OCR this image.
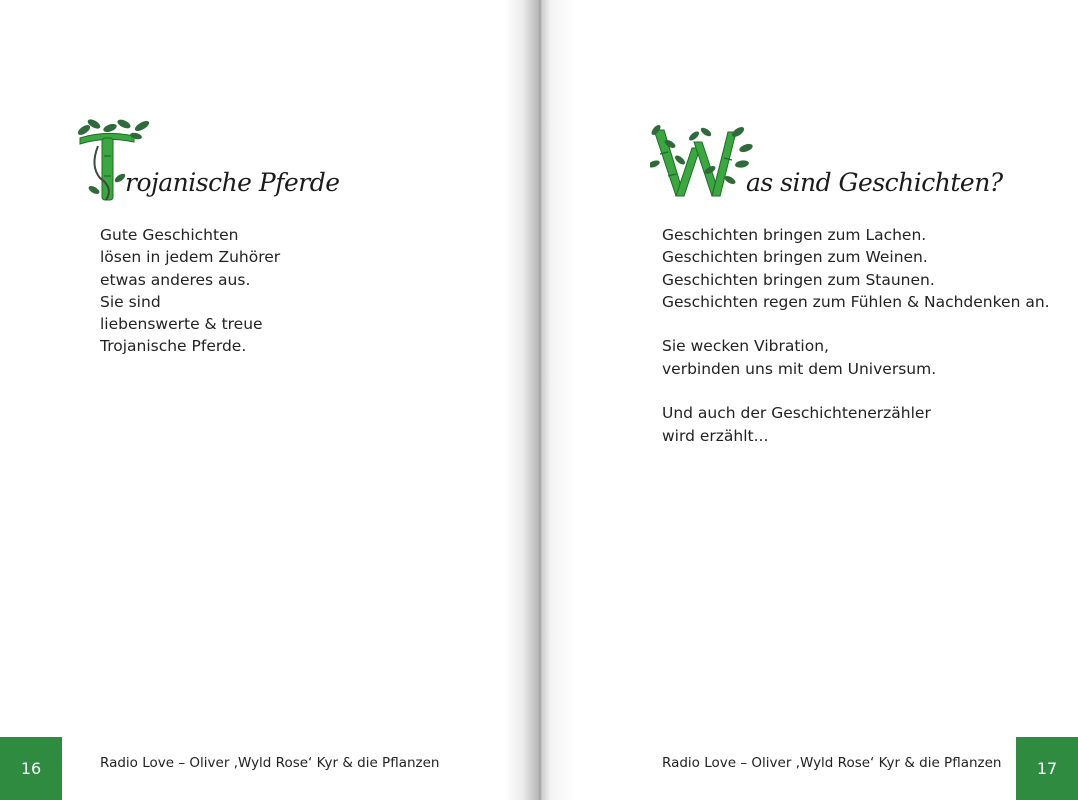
rojanische Pferde
Gute Geschichten
lösen in jedem Zuhörer
etwas anderes aus.
Sie sind
liebenswerte & treue
Trojanische Pferde.
16	Radio Love – Oliver ‚Wyld Rose‘ Kyr & die Pflanzen
as sind Geschichten?
Geschichten bringen zum Lachen.
Geschichten bringen zum Weinen.
Geschichten bringen zum Staunen.
Geschichten regen zum Fühlen & Nachdenken an.
Sie wecken Vibration,
verbinden uns mit dem Universum.
Und auch der Geschichtenerzähler
wird erzählt...
Radio Love – Oliver ‚Wyld Rose‘ Kyr & die Pflanzen	17
